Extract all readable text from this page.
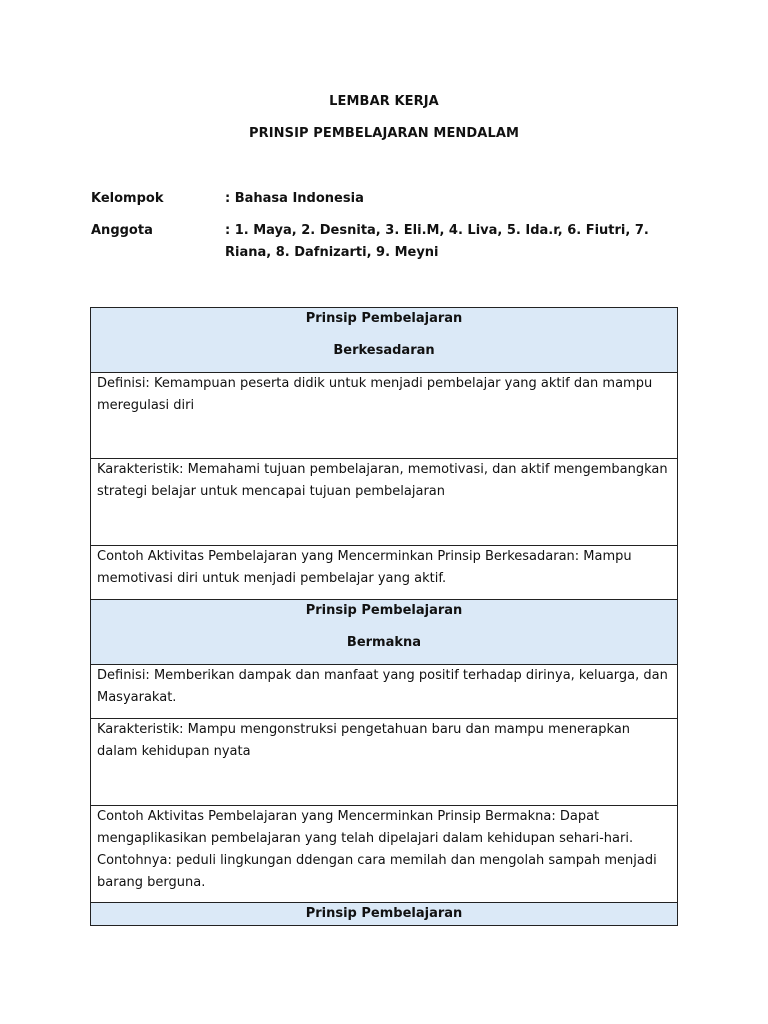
LEMBAR KERJA
PRINSIP PEMBELAJARAN MENDALAM
Kelompok	: Bahasa Indonesia
Anggota	: 1. Maya, 2. Desnita, 3. Eli.M, 4. Liva, 5. Ida.r, 6. Fiutri, 7. Riana, 8. Dafnizarti, 9. Meyni
Prinsip Pembelajaran
Berkesadaran

Definisi: Kemampuan peserta didik untuk menjadi pembelajar yang aktif dan mampu meregulasi diri
Karakteristik: Memahami tujuan pembelajaran, memotivasi, dan aktif mengembangkan strategi belajar untuk mencapai tujuan pembelajaran
Contoh Aktivitas Pembelajaran yang Mencerminkan Prinsip Berkesadaran: Mampu memotivasi diri untuk menjadi pembelajar yang aktif.

Prinsip Pembelajaran
Bermakna

Definisi: Memberikan dampak dan manfaat yang positif terhadap dirinya, keluarga, dan Masyarakat.
Karakteristik: Mampu mengonstruksi pengetahuan baru dan mampu menerapkan dalam kehidupan nyata
Contoh Aktivitas Pembelajaran yang Mencerminkan Prinsip Bermakna: Dapat mengaplikasikan pembelajaran yang telah dipelajari dalam kehidupan sehari-hari. Contohnya: peduli lingkungan ddengan cara memilah dan mengolah sampah menjadi barang berguna.
Prinsip Pembelajaran
